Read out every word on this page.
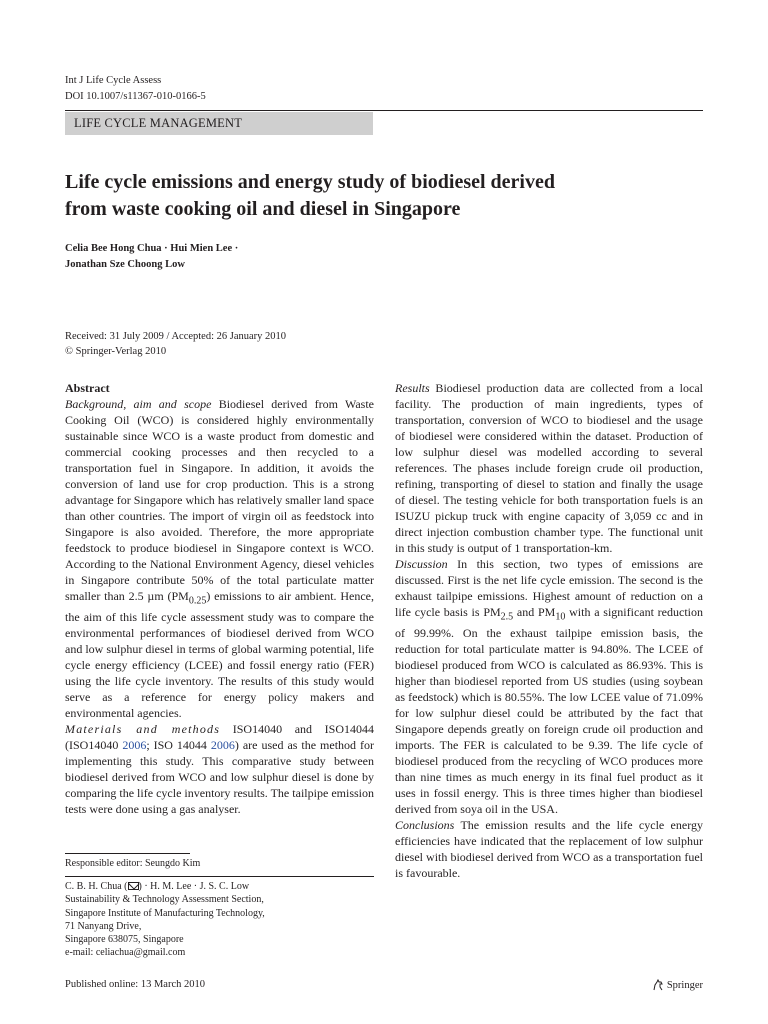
Int J Life Cycle Assess
DOI 10.1007/s11367-010-0166-5
LIFE CYCLE MANAGEMENT
Life cycle emissions and energy study of biodiesel derived
from waste cooking oil and diesel in Singapore
Celia Bee Hong Chua · Hui Mien Lee ·
Jonathan Sze Choong Low
Received: 31 July 2009 / Accepted: 26 January 2010
© Springer-Verlag 2010

Abstract

Background, aim and scope Biodiesel derived from Waste Cooking Oil (WCO) is considered highly environmentally sustainable since WCO is a waste product from domestic and commercial cooking processes and then recycled to a transportation fuel in Singapore. In addition, it avoids the conversion of land use for crop production. This is a strong advantage for Singapore which has relatively smaller land space than other countries. The import of virgin oil as feedstock into Singapore is also avoided. Therefore, the more appropriate feedstock to produce biodiesel in Singapore context is WCO. According to the National Environment Agency, diesel vehicles in Singapore contribute 50% of the total particulate matter smaller than 2.5 µm $(PM_{0.25})$ emissions to air ambient. Hence, the aim of this life cycle assessment study was to compare the environmental performances of biodiesel derived from WCO and low sulphur diesel in terms of global warming potential, life cycle energy efficiency (LCEE) and fossil energy ratio (FER) using the life cycle inventory. The results of this study would serve as a reference for energy policy makers and environmental agencies.

Materials and methods ISO14040 and ISO14044 (ISO14040 2006; ISO 14044 2006) are used as the method for implementing this study. This comparative study between biodiesel derived from WCO and low sulphur diesel is done by comparing the life cycle inventory results. The tailpipe emission tests were done using a gas analyser.

Results Biodiesel production data are collected from a local facility. The production of main ingredients, types of transportation, conversion of WCO to biodiesel and the usage of biodiesel were considered within the dataset. Production of low sulphur diesel was modelled according to several references. The phases include foreign crude oil production, refining, transporting of diesel to station and finally the usage of diesel. The testing vehicle for both transportation fuels is an ISUZU pickup truck with engine capacity of 3,059 cc and in direct injection combustion chamber type. The functional unit in this study is output of 1 transportation-km.

Discussion In this section, two types of emissions are discussed. First is the net life cycle emission. The second is the exhaust tailpipe emissions. Highest amount of reduction on a life cycle basis is $PM_{2.5}$ and $PM_{10}$ with a significant reduction of 99.99%. On the exhaust tailpipe emission basis, the reduction for total particulate matter is 94.80%. The LCEE of biodiesel produced from WCO is calculated as 86.93%. This is higher than biodiesel reported from US studies (using soybean as feedstock) which is 80.55%. The low LCEE value of 71.09% for low sulphur diesel could be attributed by the fact that Singapore depends greatly on foreign crude oil production and imports. The FER is calculated to be 9.39. The life cycle of biodiesel produced from the recycling of WCO produces more than nine times as much energy in its final fuel product as it uses in fossil energy. This is three times higher than biodiesel derived from soya oil in the USA.

Conclusions The emission results and the life cycle energy efficiencies have indicated that the replacement of low sulphur diesel with biodiesel derived from WCO as a transportation fuel is favourable.

Responsible editor: Seungdo Kim
C. B. H. Chua ( ) · H. M. Lee · J. S. C. Low
Sustainability & Technology Assessment Section,
Singapore Institute of Manufacturing Technology,
71 Nanyang Drive,
Singapore 638075, Singapore
e-mail: celiachua@gmail.com
Published online: 13 March 2010	Springer
